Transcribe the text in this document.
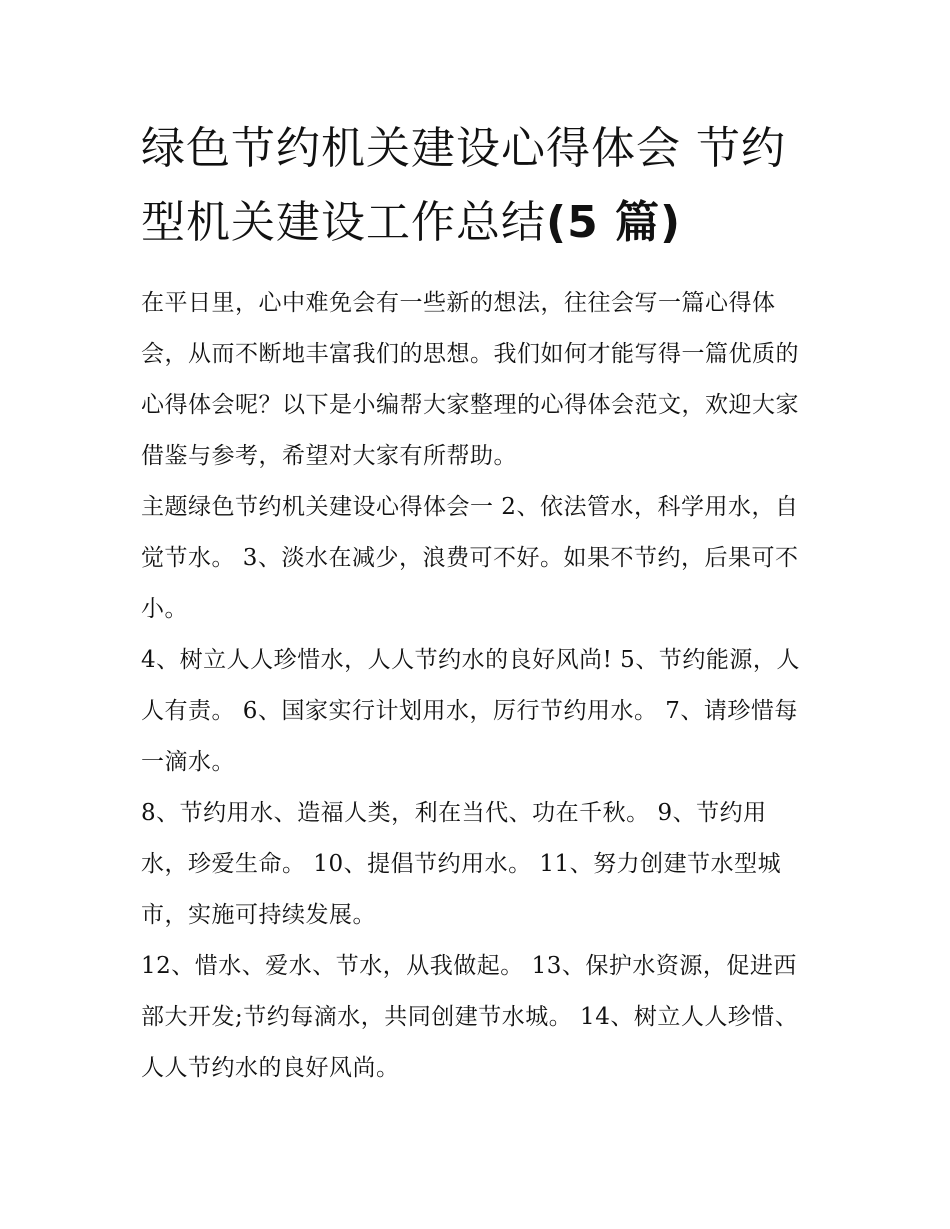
绿色节约机关建设心得体会 节约型机关建设工作总结(5 篇)

在平日里，心中难免会有一些新的想法，往往会写一篇心得体会，从而不断地丰富我们的思想。我们如何才能写得一篇优质的心得体会呢？以下是小编帮大家整理的心得体会范文，欢迎大家借鉴与参考，希望对大家有所帮助。

主题绿色节约机关建设心得体会一 2、依法管水，科学用水，自觉节水。 3、淡水在减少，浪费可不好。如果不节约，后果可不小。

4、树立人人珍惜水，人人节约水的良好风尚! 5、节约能源，人人有责。 6、国家实行计划用水，厉行节约用水。 7、请珍惜每一滴水。

8、节约用水、造福人类，利在当代、功在千秋。 9、节约用水，珍爱生命。 10、提倡节约用水。 11、努力创建节水型城市，实施可持续发展。

12、惜水、爱水、节水，从我做起。 13、保护水资源，促进西部大开发;节约每滴水，共同创建节水城。 14、树立人人珍惜、人人节约水的良好风尚。
